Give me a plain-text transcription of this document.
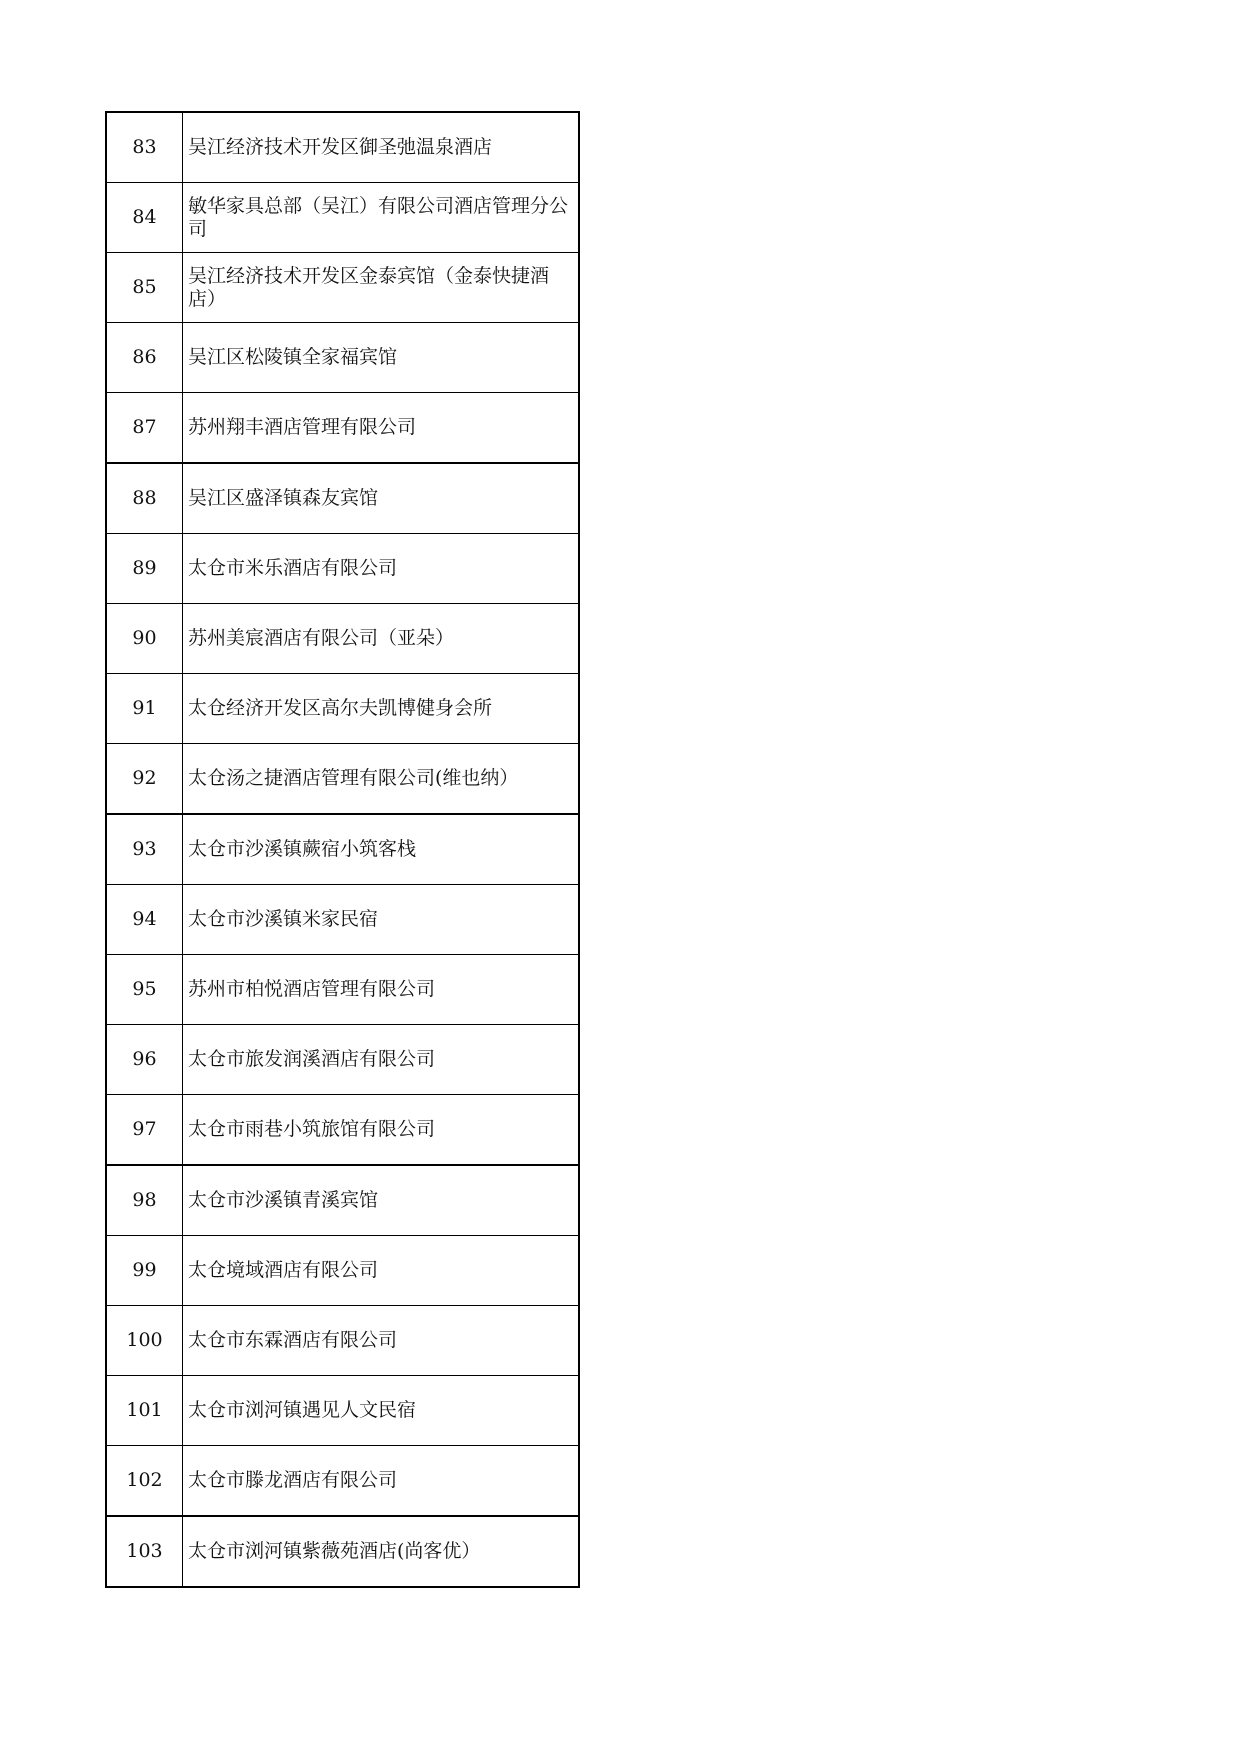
83	吴江经济技术开发区御圣弛温泉酒店
84	敏华家具总部（吴江）有限公司酒店管理分公司
85	吴江经济技术开发区金泰宾馆（金泰快捷酒店）
86	吴江区松陵镇全家福宾馆
87	苏州翔丰酒店管理有限公司
88	吴江区盛泽镇森友宾馆
89	太仓市米乐酒店有限公司
90	苏州美宸酒店有限公司（亚朵）
91	太仓经济开发区高尔夫凯博健身会所
92	太仓汤之捷酒店管理有限公司(维也纳）
93	太仓市沙溪镇蕨宿小筑客栈
94	太仓市沙溪镇米家民宿
95	苏州市柏悦酒店管理有限公司
96	太仓市旅发润溪酒店有限公司
97	太仓市雨巷小筑旅馆有限公司
98	太仓市沙溪镇青溪宾馆
99	太仓境域酒店有限公司
100	太仓市东霖酒店有限公司
101	太仓市浏河镇遇见人文民宿
102	太仓市滕龙酒店有限公司
103	太仓市浏河镇紫薇苑酒店(尚客优）
